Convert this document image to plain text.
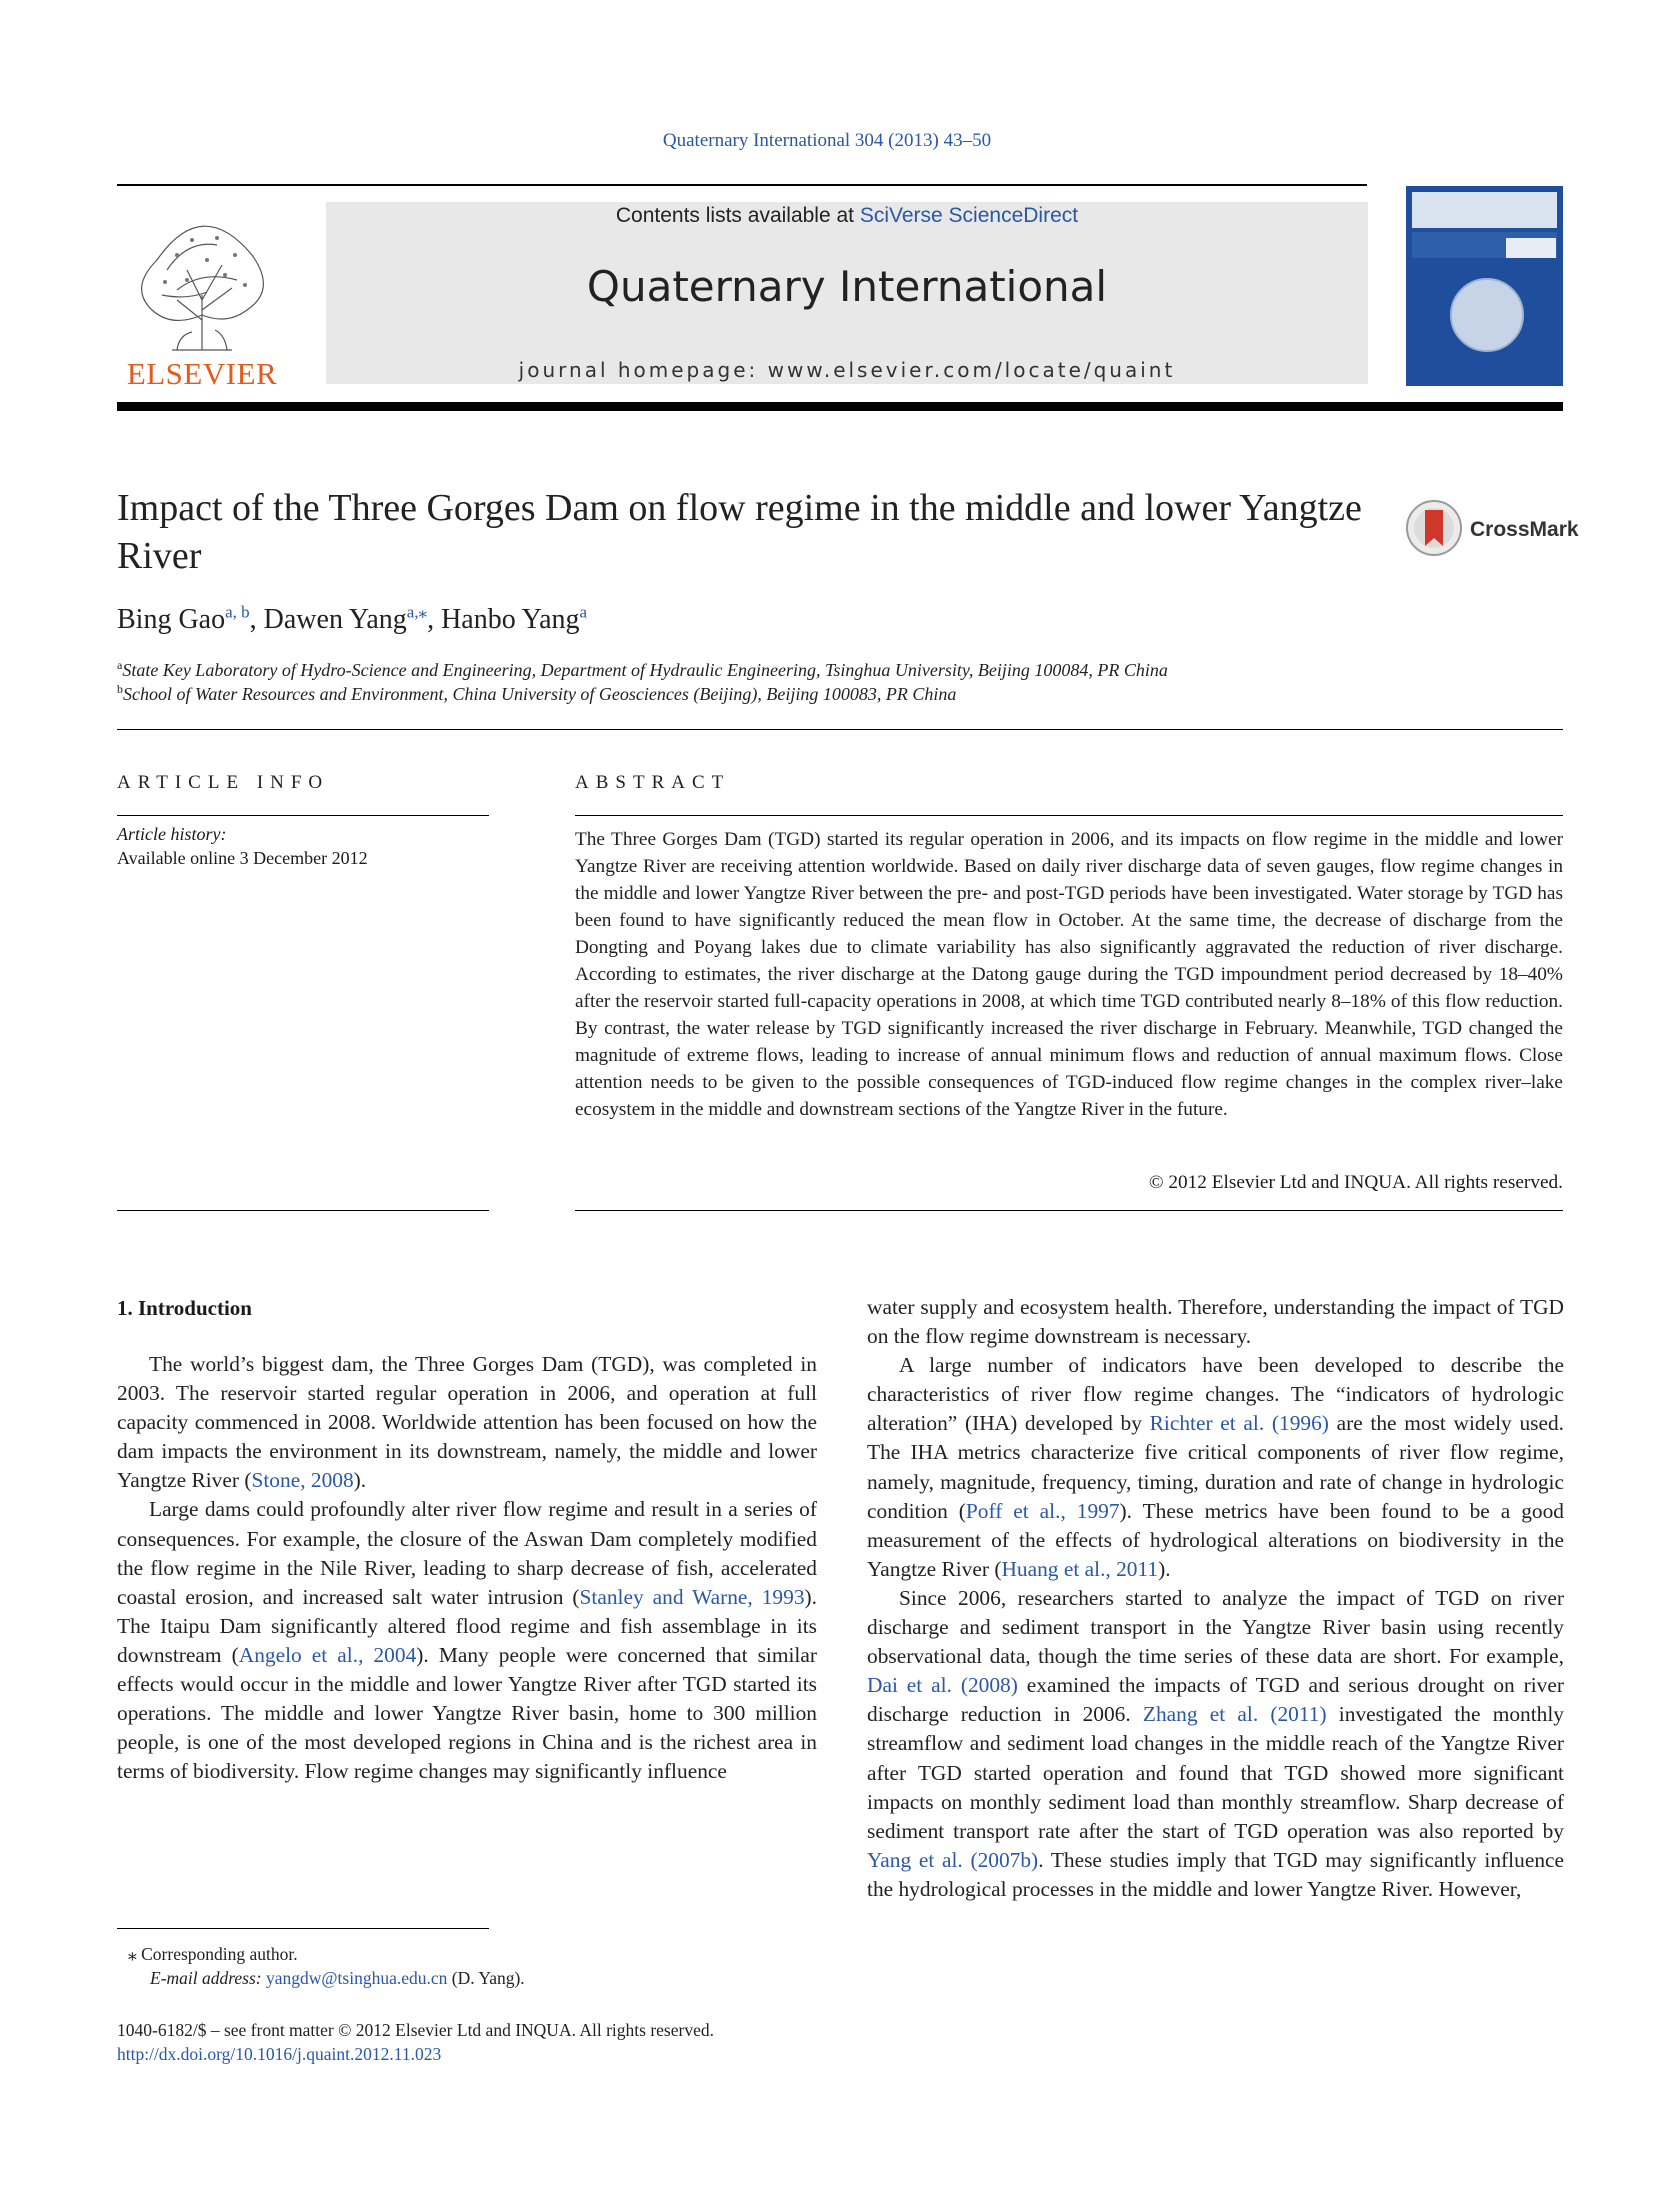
Quaternary International 304 (2013) 43–50
ELSEVIER
Contents lists available at SciVerse ScienceDirect
Quaternary International
journal homepage: www.elsevier.com/locate/quaint
Impact of the Three Gorges Dam on flow regime in the middle and lower Yangtze River
CrossMark
Bing Gao$^{a, b}$, Dawen Yang$^{a,⁎}$, Hanbo Yang$^a$
$^a$State Key Laboratory of Hydro-Science and Engineering, Department of Hydraulic Engineering, Tsinghua University, Beijing 100084, PR China
$^b$School of Water Resources and Environment, China University of Geosciences (Beijing), Beijing 100083, PR China
ARTICLE INFO
Article history:
Available online 3 December 2012
ABSTRACT
The Three Gorges Dam (TGD) started its regular operation in 2006, and its impacts on flow regime in the middle and lower Yangtze River are receiving attention worldwide. Based on daily river discharge data of seven gauges, flow regime changes in the middle and lower Yangtze River between the pre- and post-TGD periods have been investigated. Water storage by TGD has been found to have significantly reduced the mean flow in October. At the same time, the decrease of discharge from the Dongting and Poyang lakes due to climate variability has also significantly aggravated the reduction of river discharge. According to estimates, the river discharge at the Datong gauge during the TGD impoundment period decreased by 18–40% after the reservoir started full-capacity operations in 2008, at which time TGD contributed nearly 8–18% of this flow reduction. By contrast, the water release by TGD significantly increased the river discharge in February. Meanwhile, TGD changed the magnitude of extreme flows, leading to increase of annual minimum flows and reduction of annual maximum flows. Close attention needs to be given to the possible consequences of TGD-induced flow regime changes in the complex river–lake ecosystem in the middle and downstream sections of the Yangtze River in the future.
© 2012 Elsevier Ltd and INQUA. All rights reserved.
1. Introduction

The world’s biggest dam, the Three Gorges Dam (TGD), was completed in 2003. The reservoir started regular operation in 2006, and operation at full capacity commenced in 2008. Worldwide attention has been focused on how the dam impacts the environment in its downstream, namely, the middle and lower Yangtze River (Stone, 2008).

Large dams could profoundly alter river flow regime and result in a series of consequences. For example, the closure of the Aswan Dam completely modified the flow regime in the Nile River, leading to sharp decrease of fish, accelerated coastal erosion, and increased salt water intrusion (Stanley and Warne, 1993). The Itaipu Dam significantly altered flood regime and fish assemblage in its downstream (Angelo et al., 2004). Many people were concerned that similar effects would occur in the middle and lower Yangtze River after TGD started its operations. The middle and lower Yangtze River basin, home to 300 million people, is one of the most developed regions in China and is the richest area in terms of biodiversity. Flow regime changes may significantly influence

water supply and ecosystem health. Therefore, understanding the impact of TGD on the flow regime downstream is necessary.

A large number of indicators have been developed to describe the characteristics of river flow regime changes. The “indicators of hydrologic alteration” (IHA) developed by Richter et al. (1996) are the most widely used. The IHA metrics characterize five critical components of river flow regime, namely, magnitude, frequency, timing, duration and rate of change in hydrologic condition (Poff et al., 1997). These metrics have been found to be a good measurement of the effects of hydrological alterations on biodiversity in the Yangtze River (Huang et al., 2011).

Since 2006, researchers started to analyze the impact of TGD on river discharge and sediment transport in the Yangtze River basin using recently observational data, though the time series of these data are short. For example, Dai et al. (2008) examined the impacts of TGD and serious drought on river discharge reduction in 2006. Zhang et al. (2011) investigated the monthly streamflow and sediment load changes in the middle reach of the Yangtze River after TGD started operation and found that TGD showed more significant impacts on monthly sediment load than monthly streamflow. Sharp decrease of sediment transport rate after the start of TGD operation was also reported by Yang et al. (2007b). These studies imply that TGD may significantly influence the hydrological processes in the middle and lower Yangtze River. However,

⁎ Corresponding author.
E-mail address: yangdw@tsinghua.edu.cn (D. Yang).
1040-6182/$ – see front matter © 2012 Elsevier Ltd and INQUA. All rights reserved.
http://dx.doi.org/10.1016/j.quaint.2012.11.023
